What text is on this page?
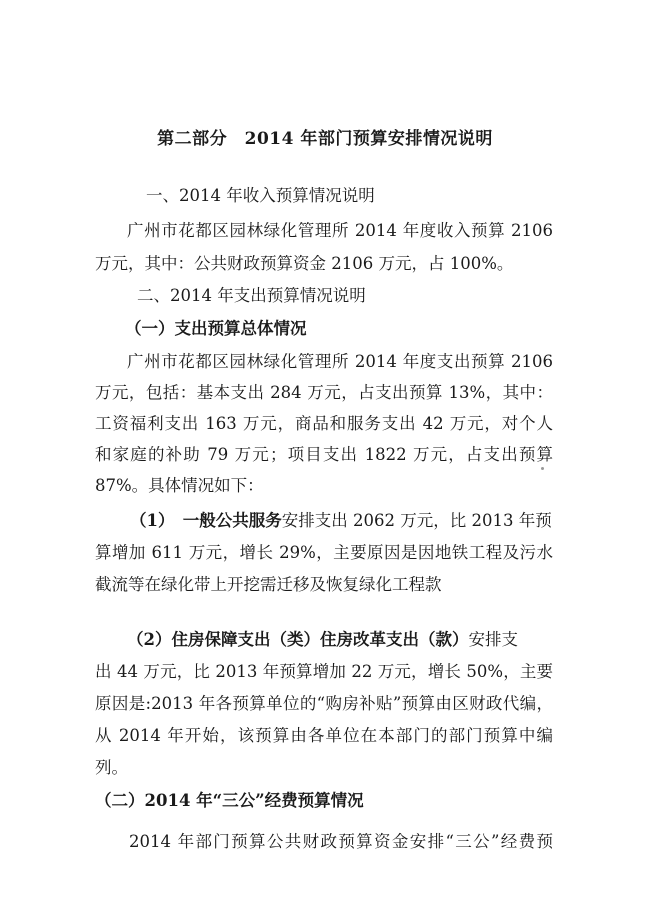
第二部分　2014 年部门预算安排情况说明
一、2014 年收入预算情况说明
广州市花都区园林绿化管理所 2014 年度收入预算 2106
万元，其中：公共财政预算资金 2106 万元，占 100%。
二、2014 年支出预算情况说明
（一）支出预算总体情况
广州市花都区园林绿化管理所 2014 年度支出预算 2106
万元，包括：基本支出 284 万元，占支出预算 13%，其中：
工资福利支出 163 万元，商品和服务支出 42 万元，对个人
和家庭的补助 79 万元；项目支出 1822 万元，占支出预算
87%。具体情况如下：
（1）　一般公共服务安排支出 2062 万元，比 2013 年预
算增加 611 万元，增长 29%，主要原因是因地铁工程及污水
截流等在绿化带上开挖需迁移及恢复绿化工程款
（2）住房保障支出（类）住房改革支出（款）安排支
出 44 万元，比 2013 年预算增加 22 万元，增长 50%，主要
原因是:2013 年各预算单位的“购房补贴”预算由区财政代编，
从 2014 年开始，该预算由各单位在本部门的部门预算中编
列。
（二）2014 年“三公”经费预算情况
2014 年部门预算公共财政预算资金安排“三公”经费预
